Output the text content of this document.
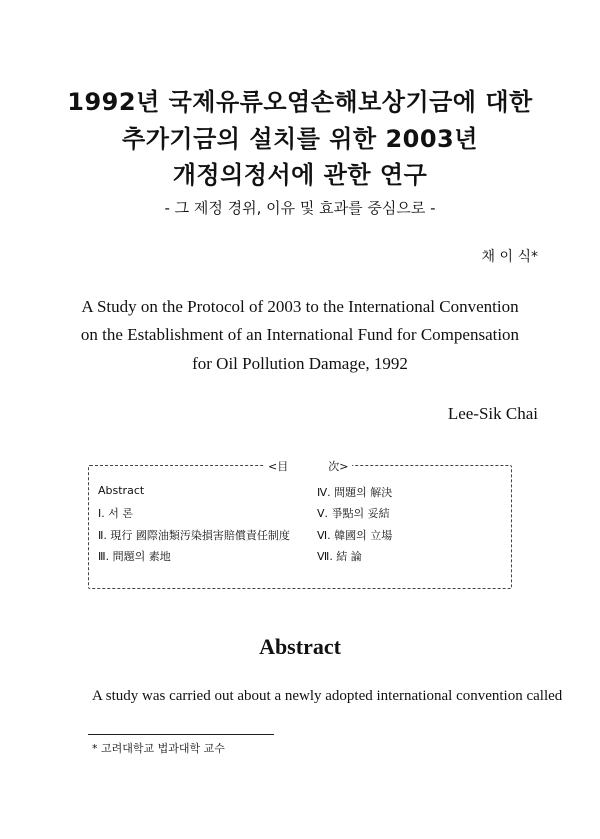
1992년 국제유류오염손해보상기금에 대한
추가기금의 설치를 위한 2003년
개정의정서에 관한 연구
- 그 제정 경위, 이유 및 효과를 중심으로 -
채 이 식*
A Study on the Protocol of 2003 to the International Convention
on the Establishment of an International Fund for Compensation
for Oil Pollution Damage, 1992
Lee-Sik Chai
<目	次>
Abstract
Ⅰ. 서 론
Ⅱ. 現行 國際油類汚染損害賠償責任制度
Ⅲ. 問題의 素地
Ⅳ. 問題의 解決
Ⅴ. 爭點의 妥結
Ⅵ. 韓國의 立場
Ⅶ. 結 論
Abstract
A study was carried out about a newly adopted international convention called
* 고려대학교 법과대학 교수
